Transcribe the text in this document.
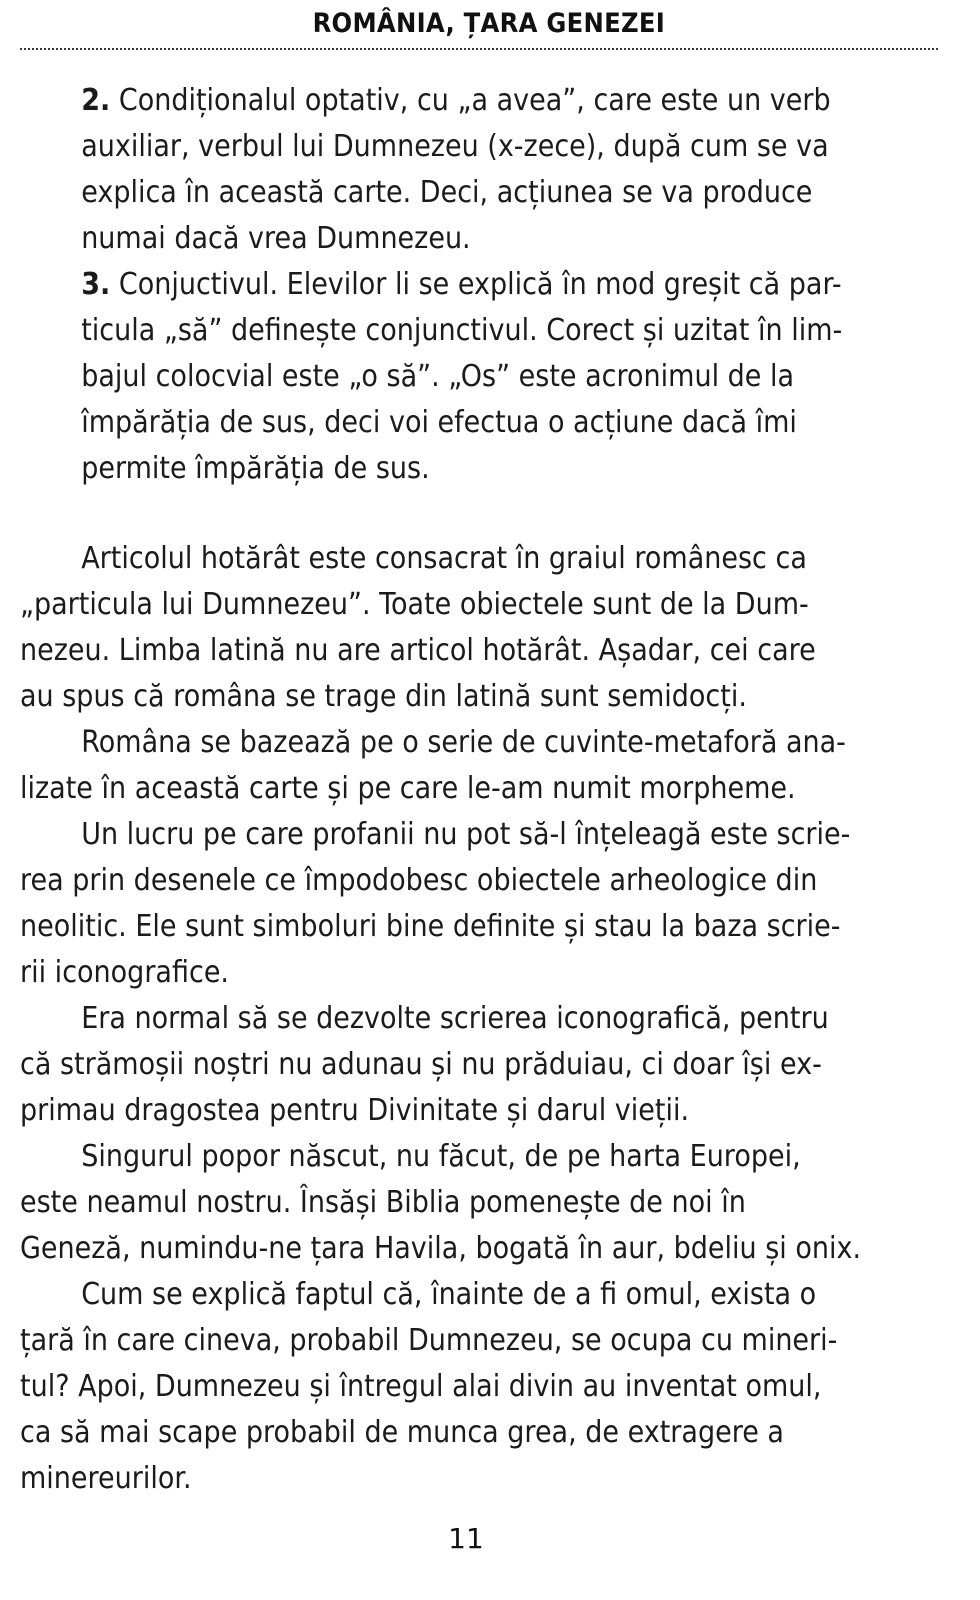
ROMÂNIA, ȚARA GENEZEI
2. Condiționalul optativ, cu „a avea”, care este un verb
auxiliar, verbul lui Dumnezeu (x-zece), după cum se va
explica în această carte. Deci, acțiunea se va produce
numai dacă vrea Dumnezeu.
3. Conjuctivul. Elevilor li se explică în mod greșit că par-
ticula „să” definește conjunctivul. Corect și uzitat în lim-
bajul colocvial este „o să”. „Os” este acronimul de la
împărăția de sus, deci voi efectua o acțiune dacă îmi
permite împărăția de sus.
Articolul hotărât este consacrat în graiul românesc ca
„particula lui Dumnezeu”. Toate obiectele sunt de la Dum-
nezeu. Limba latină nu are articol hotărât. Așadar, cei care
au spus că româna se trage din latină sunt semidocți.
Româna se bazează pe o serie de cuvinte-metaforă ana-
lizate în această carte și pe care le-am numit morpheme.
Un lucru pe care profanii nu pot să-l înțeleagă este scrie-
rea prin desenele ce împodobesc obiectele arheologice din
neolitic. Ele sunt simboluri bine definite și stau la baza scrie-
rii iconografice.
Era normal să se dezvolte scrierea iconografică, pentru
că strămoșii noștri nu adunau și nu prăduiau, ci doar își ex-
primau dragostea pentru Divinitate și darul vieții.
Singurul popor născut, nu făcut, de pe harta Europei,
este neamul nostru. Însăși Biblia pomenește de noi în
Geneză, numindu-ne țara Havila, bogată în aur, bdeliu și onix.
Cum se explică faptul că, înainte de a fi omul, exista o
țară în care cineva, probabil Dumnezeu, se ocupa cu mineri-
tul? Apoi, Dumnezeu și întregul alai divin au inventat omul,
ca să mai scape probabil de munca grea, de extragere a
minereurilor.
11
